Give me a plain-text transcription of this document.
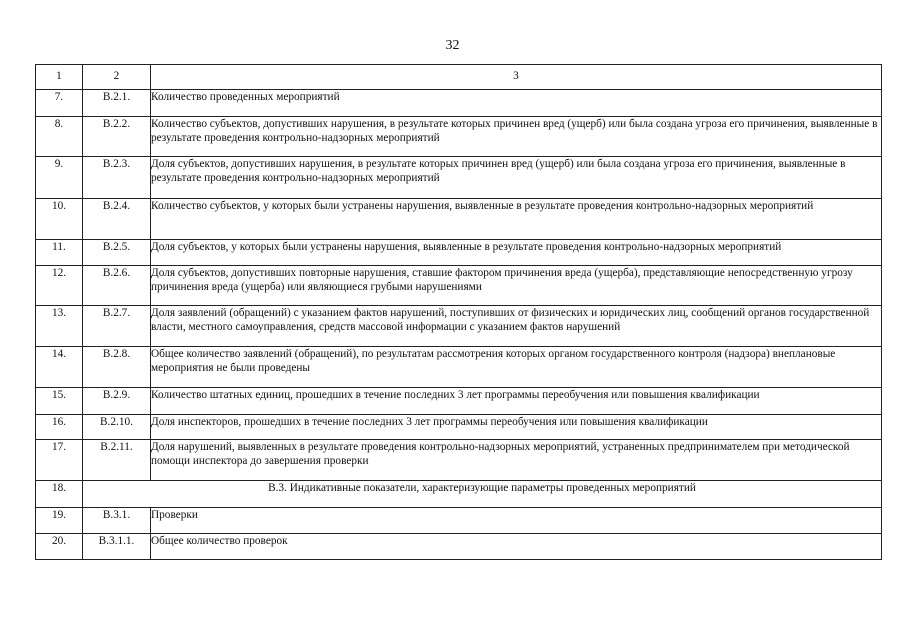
32
1	2	3
7.	В.2.1.	Количество проведенных мероприятий
8.	В.2.2.	Количество субъектов, допустивших нарушения, в результате которых причинен вред (ущерб) или была создана угроза его причинения, выявленные в результате проведения контрольно-надзорных мероприятий
9.	В.2.3.	Доля субъектов, допустивших нарушения, в результате которых причинен вред (ущерб) или была создана угроза его причинения, выявленные в результате проведения контрольно-надзорных мероприятий
10.	В.2.4.	Количество субъектов, у которых были устранены нарушения, выявленные в результате проведения контрольно-надзорных мероприятий
11.	В.2.5.	Доля субъектов, у которых были устранены нарушения, выявленные в результате проведения контрольно-надзорных мероприятий
12.	В.2.6.	Доля субъектов, допустивших повторные нарушения, ставшие фактором причинения вреда (ущерба), представляющие непосредственную угрозу причинения вреда (ущерба) или являющиеся грубыми нарушениями
13.	В.2.7.	Доля заявлений (обращений) с указанием фактов нарушений, поступивших от физических и юридических лиц, сообщений органов государственной власти, местного самоуправления, средств массовой информации с указанием фактов нарушений
14.	В.2.8.	Общее количество заявлений (обращений), по результатам рассмотрения которых органом государственного контроля (надзора) внеплановые мероприятия не были проведены
15.	В.2.9.	Количество штатных единиц, прошедших в течение последних 3 лет программы переобучения или повышения квалификации
16.	В.2.10.	Доля инспекторов, прошедших в течение последних 3 лет программы переобучения или повышения квалификации
17.	В.2.11.	Доля нарушений, выявленных в результате проведения контрольно-надзорных мероприятий, устраненных предпринимателем при методической помощи инспектора до завершения проверки
18.	В.3. Индикативные показатели, характеризующие параметры проведенных мероприятий	
19.	В.3.1.	Проверки
20.	В.3.1.1.	Общее количество проверок
